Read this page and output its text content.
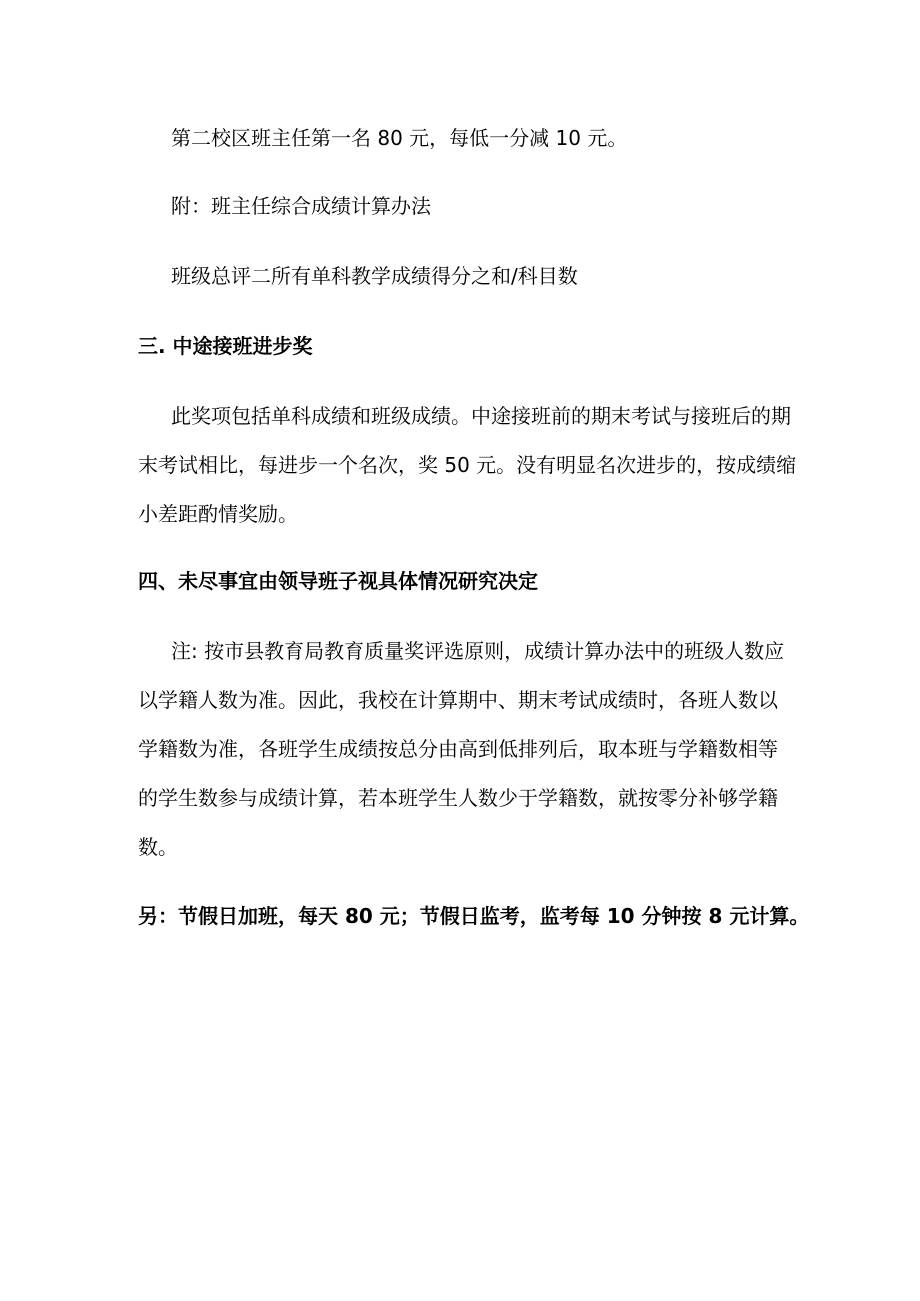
第二校区班主任第一名 80 元，每低一分减 10 元。
附：班主任综合成绩计算办法
班级总评二所有单科教学成绩得分之和/科目数
三. 中途接班进步奖
此奖项包括单科成绩和班级成绩。中途接班前的期末考试与接班后的期
末考试相比，每进步一个名次，奖 50 元。没有明显名次进步的，按成绩缩
小差距酌情奖励。
四、未尽事宜由领导班子视具体情况研究决定
注: 按市县教育局教育质量奖评选原则，成绩计算办法中的班级人数应
以学籍人数为准。因此，我校在计算期中、期末考试成绩时，各班人数以
学籍数为准，各班学生成绩按总分由高到低排列后，取本班与学籍数相等
的学生数参与成绩计算，若本班学生人数少于学籍数，就按零分补够学籍
数。
另：节假日加班，每天 80 元；节假日监考，监考每 10 分钟按 8 元计算。
